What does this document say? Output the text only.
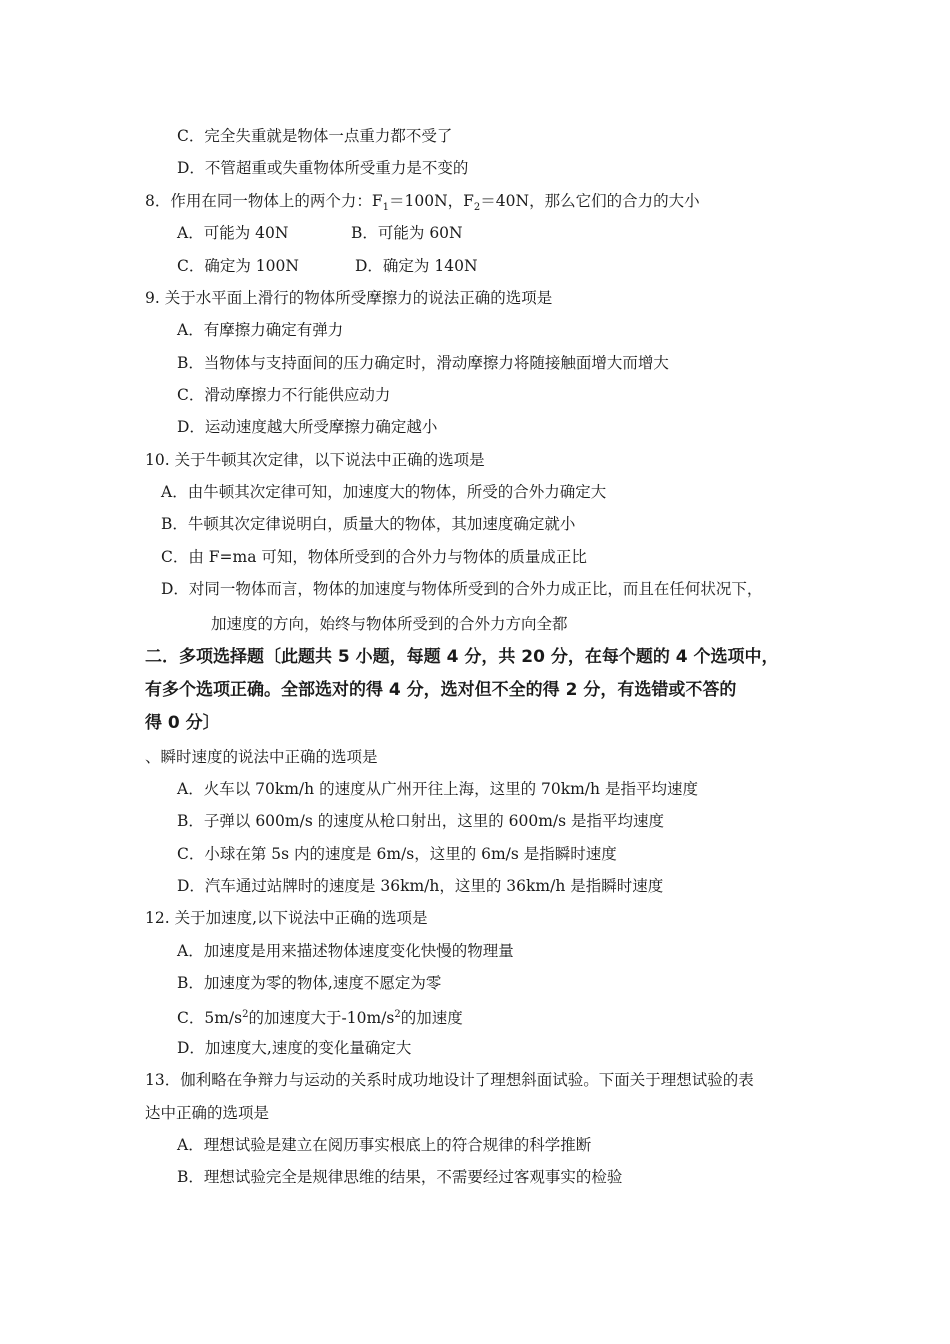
C．完全失重就是物体一点重力都不受了
D．不管超重或失重物体所受重力是不变的
8．作用在同一物体上的两个力：$F_1=100N$，$F_2=40N$，那么它们的合力的大小
A．可能为 40N	B．可能为 60N
C．确定为 100N	D．确定为 140N
9. 关于水平面上滑行的物体所受摩擦力的说法正确的选项是
A．有摩擦力确定有弹力
B．当物体与支持面间的压力确定时，滑动摩擦力将随接触面增大而增大
C．滑动摩擦力不行能供应动力
D．运动速度越大所受摩擦力确定越小
10. 关于牛顿其次定律，以下说法中正确的选项是
A．由牛顿其次定律可知，加速度大的物体，所受的合外力确定大
B．牛顿其次定律说明白，质量大的物体，其加速度确定就小
C．由 F=ma 可知，物体所受到的合外力与物体的质量成正比
D．对同一物体而言，物体的加速度与物体所受到的合外力成正比，而且在任何状况下，
加速度的方向，始终与物体所受到的合外力方向全都
二．多项选择题〔此题共 5 小题，每题 4 分，共 20 分，在每个题的 4 个选项中，
有多个选项正确。全部选对的得 4 分，选对但不全的得 2 分，有选错或不答的
得 0 分〕
、瞬时速度的说法中正确的选项是
A．火车以 70km/h 的速度从广州开往上海，这里的 70km/h 是指平均速度
B．子弹以 600m/s 的速度从枪口射出，这里的 600m/s 是指平均速度
C．小球在第 5s 内的速度是 6m/s，这里的 6m/s 是指瞬时速度
D．汽车通过站牌时的速度是 36km/h，这里的 36km/h 是指瞬时速度
12. 关于加速度,以下说法中正确的选项是
A．加速度是用来描述物体速度变化快慢的物理量
B．加速度为零的物体,速度不愿定为零
C．$5m/s^2$的加速度大于$-10m/s^2$的加速度
D．加速度大,速度的变化量确定大
13．伽利略在争辩力与运动的关系时成功地设计了理想斜面试验。下面关于理想试验的表
达中正确的选项是
A．理想试验是建立在阅历事实根底上的符合规律的科学推断
B．理想试验完全是规律思维的结果，不需要经过客观事实的检验
